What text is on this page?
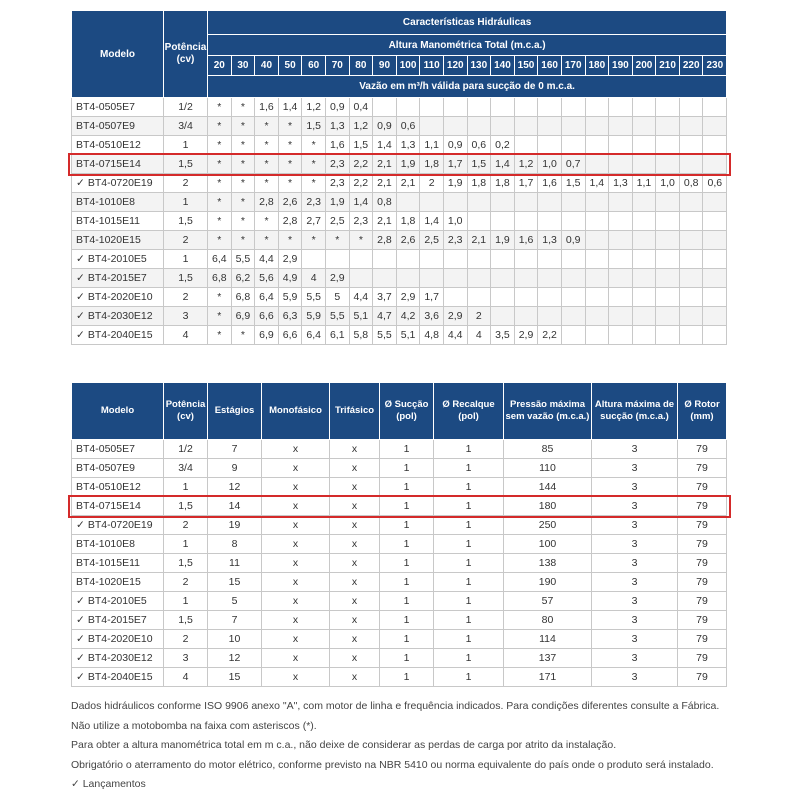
Modelo	Potência (cv)	Características Hidráulicas																					
		Altura Manométrica Total (m.c.a.)																					
		20	30	40	50	60	70	80	90	100	110	120	130	140	150	160	170	180	190	200	210	220	230
		Vazão em m³/h válida para sucção de 0 m.c.a.																					
BT4-0505E7	1/2	*	*	1,6	1,4	1,2	0,9	0,4															
BT4-0507E9	3/4	*	*	*	*	1,5	1,3	1,2	0,9	0,6													
BT4-0510E12	1	*	*	*	*	*	1,6	1,5	1,4	1,3	1,1	0,9	0,6	0,2									
BT4-0715E14	1,5	*	*	*	*	*	2,3	2,2	2,1	1,9	1,8	1,7	1,5	1,4	1,2	1,0	0,7						
✓ BT4-0720E19	2	*	*	*	*	*	2,3	2,2	2,1	2,1	2	1,9	1,8	1,8	1,7	1,6	1,5	1,4	1,3	1,1	1,0	0,8	0,6
BT4-1010E8	1	*	*	2,8	2,6	2,3	1,9	1,4	0,8														
BT4-1015E11	1,5	*	*	*	2,8	2,7	2,5	2,3	2,1	1,8	1,4	1,0											
BT4-1020E15	2	*	*	*	*	*	*	*	2,8	2,6	2,5	2,3	2,1	1,9	1,6	1,3	0,9						
✓ BT4-2010E5	1	6,4	5,5	4,4	2,9																		
✓ BT4-2015E7	1,5	6,8	6,2	5,6	4,9	4	2,9																
✓ BT4-2020E10	2	*	6,8	6,4	5,9	5,5	5	4,4	3,7	2,9	1,7												
✓ BT4-2030E12	3	*	6,9	6,6	6,3	5,9	5,5	5,1	4,7	4,2	3,6	2,9	2										
✓ BT4-2040E15	4	*	*	6,9	6,6	6,4	6,1	5,8	5,5	5,1	4,8	4,4	4	3,5	2,9	2,2							
Modelo	Potência (cv)	Estágios	Monofásico	Trifásico	Ø Sucção (pol)	Ø Recalque (pol)	Pressão máxima sem vazão (m.c.a.)	Altura máxima de sucção (m.c.a.)	Ø Rotor (mm)
BT4-0505E7	1/2	7	x	x	1	1	85	3	79
BT4-0507E9	3/4	9	x	x	1	1	110	3	79
BT4-0510E12	1	12	x	x	1	1	144	3	79
BT4-0715E14	1,5	14	x	x	1	1	180	3	79
✓ BT4-0720E19	2	19	x	x	1	1	250	3	79
BT4-1010E8	1	8	x	x	1	1	100	3	79
BT4-1015E11	1,5	11	x	x	1	1	138	3	79
BT4-1020E15	2	15	x	x	1	1	190	3	79
✓ BT4-2010E5	1	5	x	x	1	1	57	3	79
✓ BT4-2015E7	1,5	7	x	x	1	1	80	3	79
✓ BT4-2020E10	2	10	x	x	1	1	114	3	79
✓ BT4-2030E12	3	12	x	x	1	1	137	3	79
✓ BT4-2040E15	4	15	x	x	1	1	171	3	79

Dados hidráulicos conforme ISO 9906 anexo "A", com motor de linha e frequência indicados. Para condições diferentes consulte a Fábrica.

Não utilize a motobomba na faixa com asteriscos (*).

Para obter a altura manométrica total em m c.a., não deixe de considerar as perdas de carga por atrito da instalação.

Obrigatório o aterramento do motor elétrico, conforme previsto na NBR 5410 ou norma equivalente do país onde o produto será instalado.

✓ Lançamentos
